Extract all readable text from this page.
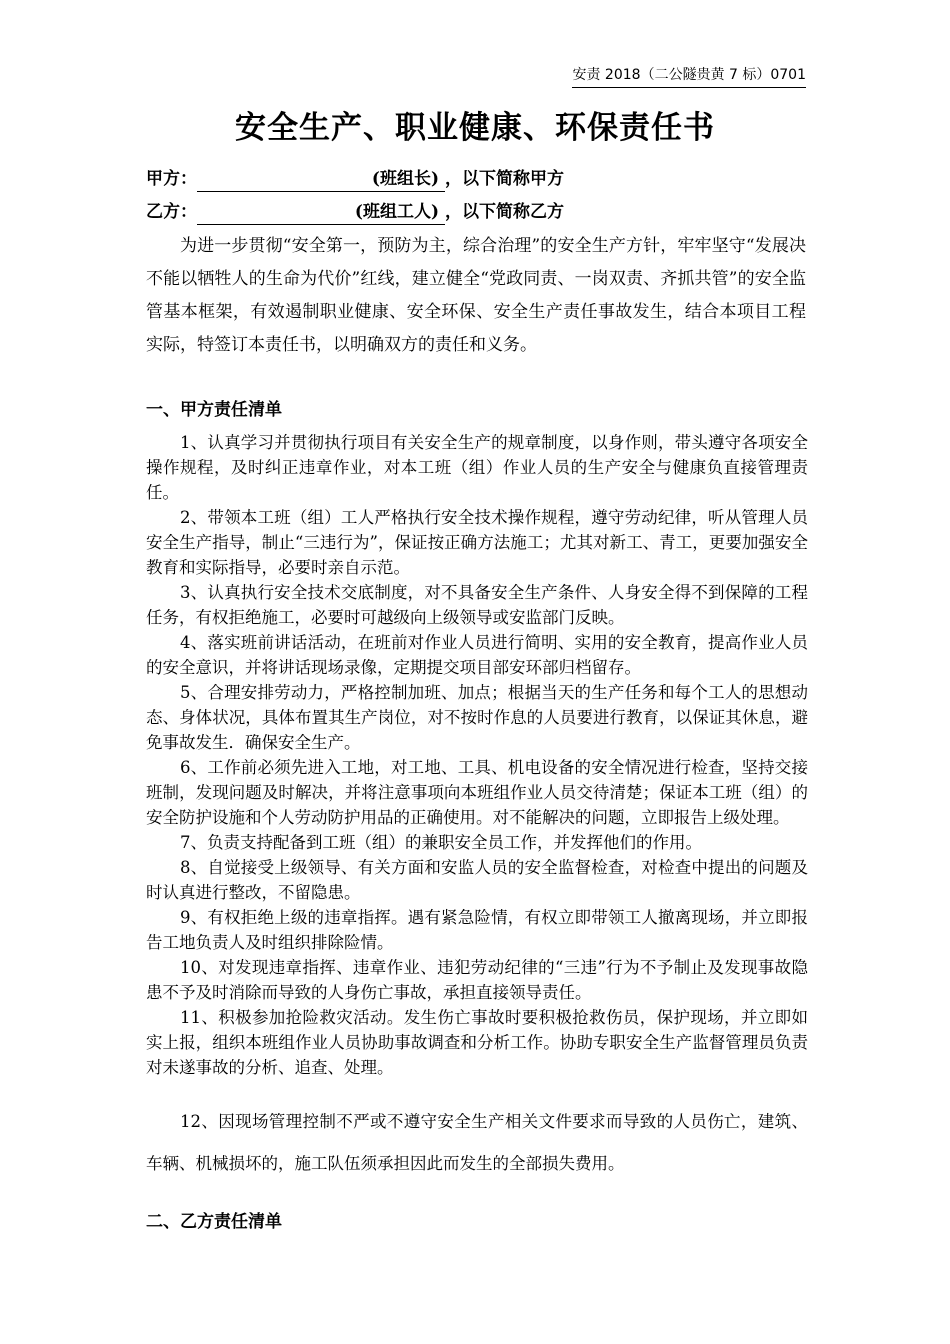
安责 2018（二公隧贵黄 7 标）0701
安全生产、职业健康、环保责任书
甲方：	(班组长) ，以下简称甲方
乙方：	(班组工人) ，以下简称乙方

为进一步贯彻“安全第一，预防为主，综合治理”的安全生产方针，牢牢坚守“发展决不能以牺牲人的生命为代价”红线，建立健全“党政同责、一岗双责、齐抓共管”的安全监管基本框架，有效遏制职业健康、安全环保、安全生产责任事故发生，结合本项目工程实际，特签订本责任书，以明确双方的责任和义务。

一、甲方责任清单

1、认真学习并贯彻执行项目有关安全生产的规章制度，以身作则，带头遵守各项安全操作规程，及时纠正违章作业，对本工班（组）作业人员的生产安全与健康负直接管理责任。

2、带领本工班（组）工人严格执行安全技术操作规程，遵守劳动纪律，听从管理人员安全生产指导，制止“三违行为”，保证按正确方法施工；尤其对新工、青工，更要加强安全教育和实际指导，必要时亲自示范。

3、认真执行安全技术交底制度，对不具备安全生产条件、人身安全得不到保障的工程任务，有权拒绝施工，必要时可越级向上级领导或安监部门反映。

4、落实班前讲话活动，在班前对作业人员进行简明、实用的安全教育，提高作业人员的安全意识，并将讲话现场录像，定期提交项目部安环部归档留存。

5、合理安排劳动力，严格控制加班、加点；根据当天的生产任务和每个工人的思想动态、身体状况，具体布置其生产岗位，对不按时作息的人员要进行教育，以保证其休息，避免事故发生．确保安全生产。

6、工作前必须先进入工地，对工地、工具、机电设备的安全情况进行检查，坚持交接班制，发现问题及时解决，并将注意事项向本班组作业人员交待清楚；保证本工班（组）的安全防护设施和个人劳动防护用品的正确使用。对不能解决的问题，立即报告上级处理。

7、负责支持配备到工班（组）的兼职安全员工作，并发挥他们的作用。

8、自觉接受上级领导、有关方面和安监人员的安全监督检查，对检查中提出的问题及时认真进行整改，不留隐患。

9、有权拒绝上级的违章指挥。遇有紧急险情，有权立即带领工人撤离现场，并立即报告工地负责人及时组织排除险情。

10、对发现违章指挥、违章作业、违犯劳动纪律的“三违”行为不予制止及发现事故隐患不予及时消除而导致的人身伤亡事故，承担直接领导责任。

11、积极参加抢险救灾活动。发生伤亡事故时要积极抢救伤员，保护现场，并立即如实上报，组织本班组作业人员协助事故调查和分析工作。协助专职安全生产监督管理员负责对未遂事故的分析、追查、处理。

12、因现场管理控制不严或不遵守安全生产相关文件要求而导致的人员伤亡，建筑、车辆、机械损坏的，施工队伍须承担因此而发生的全部损失费用。

二、乙方责任清单
